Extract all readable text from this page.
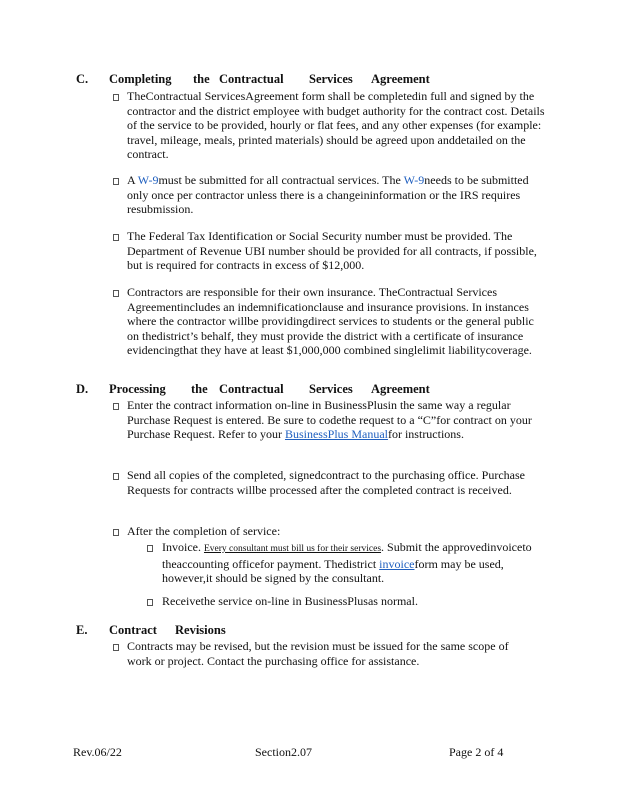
C. Completing the Contractual Services Agreement
TheContractual ServicesAgreement form shall be completedin full and signed by the contractor and the district employee with budget authority for the contract cost. Details of the service to be provided, hourly or flat fees, and any other expenses (for example: travel, mileage, meals, printed materials) should be agreed upon anddetailed on the contract.
A W-9must be submitted for all contractual services. The W-9needs to be submitted only once per contractor unless there is a changeininformation or the IRS requires resubmission.
The Federal Tax Identification or Social Security number must be provided. The Department of Revenue UBI number should be provided for all contracts, if possible, but is required for contracts in excess of $12,000.
Contractors are responsible for their own insurance. TheContractual Services Agreementincludes an indemnificationclause and insurance provisions. In instances where the contractor willbe providingdirect services to students or the general public on thedistrict’s behalf, they must provide the district with a certificate of insurance evidencingthat they have at least $1,000,000 combined singlelimit liabilitycoverage.
D. Processing the Contractual Services Agreement
Enter the contract information on-line in BusinessPlusin the same way a regular Purchase Request is entered. Be sure to codethe request to a “C”for contract on your Purchase Request. Refer to your BusinessPlus Manualfor instructions.
Send all copies of the completed, signedcontract to the purchasing office. Purchase Requests for contracts willbe processed after the completed contract is received.
After the completion of service:
Invoice. Every consultant must bill us for their services. Submit the approvedinvoiceto theaccounting officefor payment. Thedistrict invoiceform may be used, however,it should be signed by the consultant.
Receivethe service on-line in BusinessPlusas normal.
E. Contract Revisions
Contracts may be revised, but the revision must be issued for the same scope of work or project. Contact the purchasing office for assistance.
Rev.06/22	Section2.07	Page 2 of 4
